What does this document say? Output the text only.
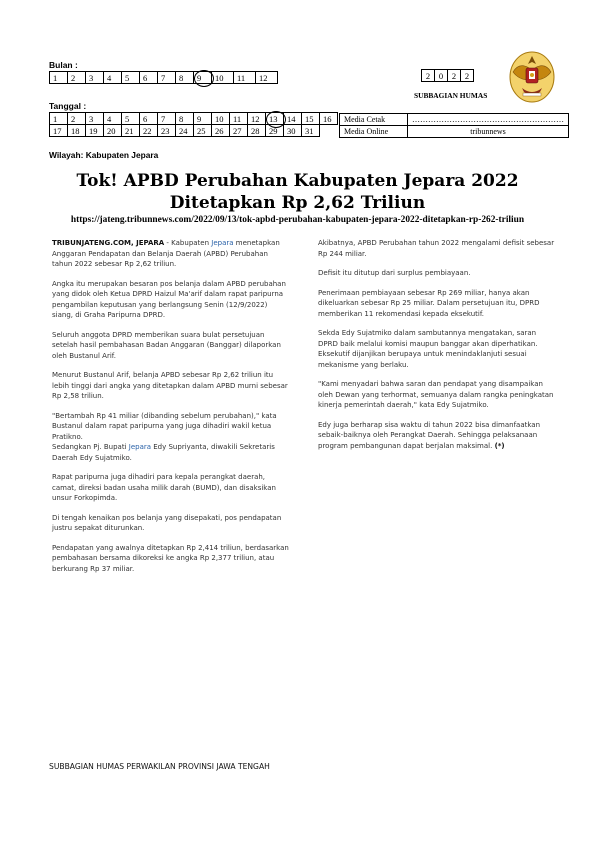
Bulan :
1	2	3	4	5	6	7	8	9	10	11	12	2	0	2	2
SUBBAGIAN HUMAS
Tanggal :
1	2	3	4	5	6	7	8	9	10	11	12	13	14	15	16
17	18	19	20	21	22	23	24	25	26	27	28	29	30	31	
Media Cetak	…………………………………………………
Media Online	tribunnews
Wilayah: Kabupaten Jepara
Tok! APBD Perubahan Kabupaten Jepara 2022
Ditetapkan Rp 2,62 Triliun
https://jateng.tribunnews.com/2022/09/13/tok-apbd-perubahan-kabupaten-jepara-2022-ditetapkan-rp-262-triliun

TRIBUNJATENG.COM, JEPARA - Kabupaten Jepara menetapkan Anggaran Pendapatan dan Belanja Daerah (APBD) Perubahan tahun 2022 sebesar Rp 2,62 triliun.

Angka itu merupakan besaran pos belanja dalam APBD perubahan yang didok oleh Ketua DPRD Haizul Ma'arif dalam rapat paripurna pengambilan keputusan yang berlangsung Senin (12/9/2022) siang, di Graha Paripurna DPRD.

Seluruh anggota DPRD memberikan suara bulat persetujuan setelah hasil pembahasan Badan Anggaran (Banggar) dilaporkan oleh Bustanul Arif.

Menurut Bustanul Arif, belanja APBD sebesar Rp 2,62 triliun itu lebih tinggi dari angka yang ditetapkan dalam APBD murni sebesar Rp 2,58 triliun.

"Bertambah Rp 41 miliar (dibanding sebelum perubahan)," kata Bustanul dalam rapat paripurna yang juga dihadiri wakil ketua Pratikno.

Sedangkan Pj. Bupati Jepara Edy Supriyanta, diwakili Sekretaris Daerah Edy Sujatmiko.

Rapat paripurna juga dihadiri para kepala perangkat daerah, camat, direksi badan usaha milik darah (BUMD), dan disaksikan unsur Forkopimda.

Di tengah kenaikan pos belanja yang disepakati, pos pendapatan justru sepakat diturunkan.

Pendapatan yang awalnya ditetapkan Rp 2,414 triliun, berdasarkan pembahasan bersama dikoreksi ke angka Rp 2,377 triliun, atau berkurang Rp 37 miliar.

Akibatnya, APBD Perubahan tahun 2022 mengalami defisit sebesar Rp 244 miliar.

Defisit itu ditutup dari surplus pembiayaan.

Penerimaan pembiayaan sebesar Rp 269 miliar, hanya akan dikeluarkan sebesar Rp 25 miliar. Dalam persetujuan itu, DPRD memberikan 11 rekomendasi kepada eksekutif.

Sekda Edy Sujatmiko dalam sambutannya mengatakan, saran DPRD baik melalui komisi maupun banggar akan diperhatikan. Eksekutif dijanjikan berupaya untuk menindaklanjuti sesuai mekanisme yang berlaku.

"Kami menyadari bahwa saran dan pendapat yang disampaikan oleh Dewan yang terhormat, semuanya dalam rangka peningkatan kinerja pemerintah daerah," kata Edy Sujatmiko.

Edy juga berharap sisa waktu di tahun 2022 bisa dimanfaatkan sebaik-baiknya oleh Perangkat Daerah. Sehingga pelaksanaan program pembangunan dapat berjalan maksimal. (*)

SUBBAGIAN HUMAS PERWAKILAN PROVINSI JAWA TENGAH
